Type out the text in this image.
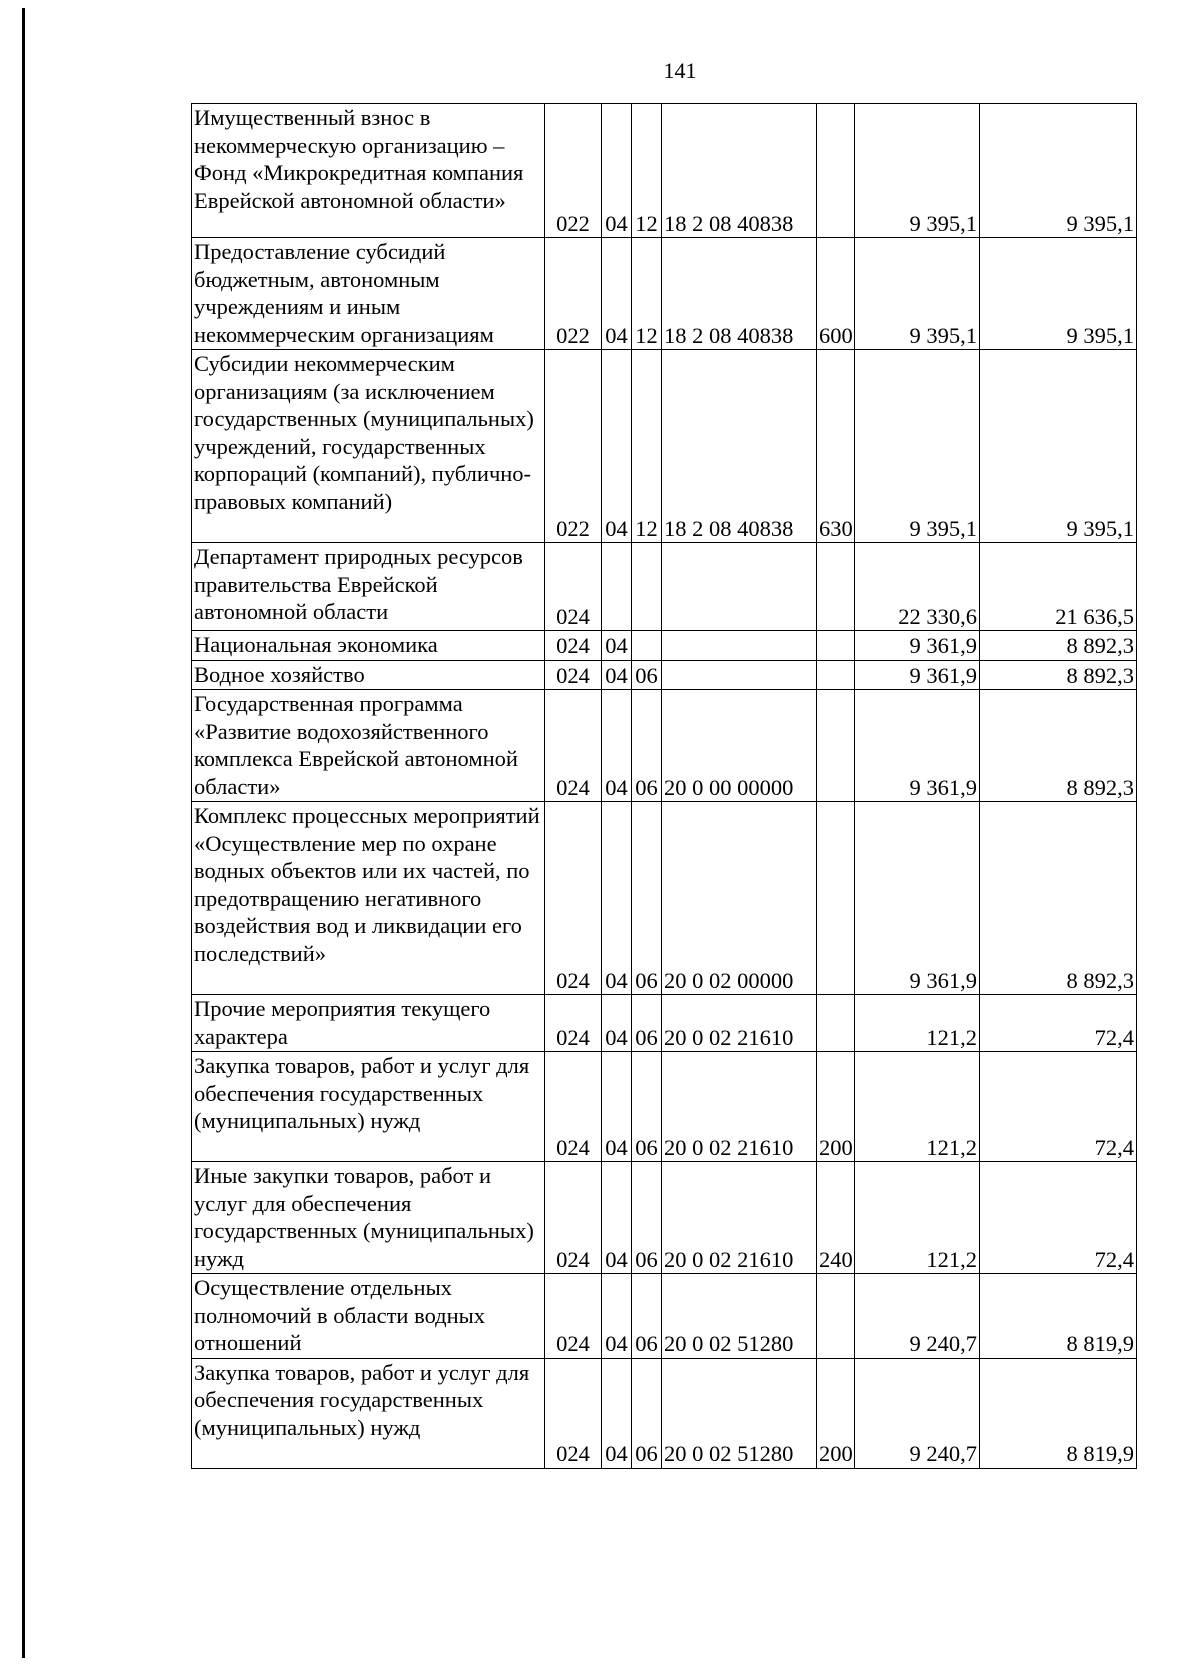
141
Имущественный взнос в некоммерческую организацию – Фонд «Микрокредитная компания Еврейской автономной области»	022	04	12	18 2 08 40838		9 395,1	9 395,1
Предоставление субсидий бюджетным, автономным учреждениям и иным некоммерческим организациям	022	04	12	18 2 08 40838	600	9 395,1	9 395,1
Субсидии некоммерческим организациям (за исключением государственных (муниципальных) учреждений, государственных корпораций (компаний), публично-правовых компаний)	022	04	12	18 2 08 40838	630	9 395,1	9 395,1
Департамент природных ресурсов правительства Еврейской автономной области	024					22 330,6	21 636,5
Национальная экономика	024	04				9 361,9	8 892,3
Водное хозяйство	024	04	06			9 361,9	8 892,3
Государственная программа «Развитие водохозяйственного комплекса Еврейской автономной области»	024	04	06	20 0 00 00000		9 361,9	8 892,3
Комплекс процессных мероприятий «Осуществление мер по охране водных объектов или их частей, по предотвращению негативного воздействия вод и ликвидации его последствий»	024	04	06	20 0 02 00000		9 361,9	8 892,3
Прочие мероприятия текущего характера	024	04	06	20 0 02 21610		121,2	72,4
Закупка товаров, работ и услуг для обеспечения государственных (муниципальных) нужд	024	04	06	20 0 02 21610	200	121,2	72,4
Иные закупки товаров, работ и услуг для обеспечения государственных (муниципальных) нужд	024	04	06	20 0 02 21610	240	121,2	72,4
Осуществление отдельных полномочий в области водных отношений	024	04	06	20 0 02 51280		9 240,7	8 819,9
Закупка товаров, работ и услуг для обеспечения государственных (муниципальных) нужд	024	04	06	20 0 02 51280	200	9 240,7	8 819,9
